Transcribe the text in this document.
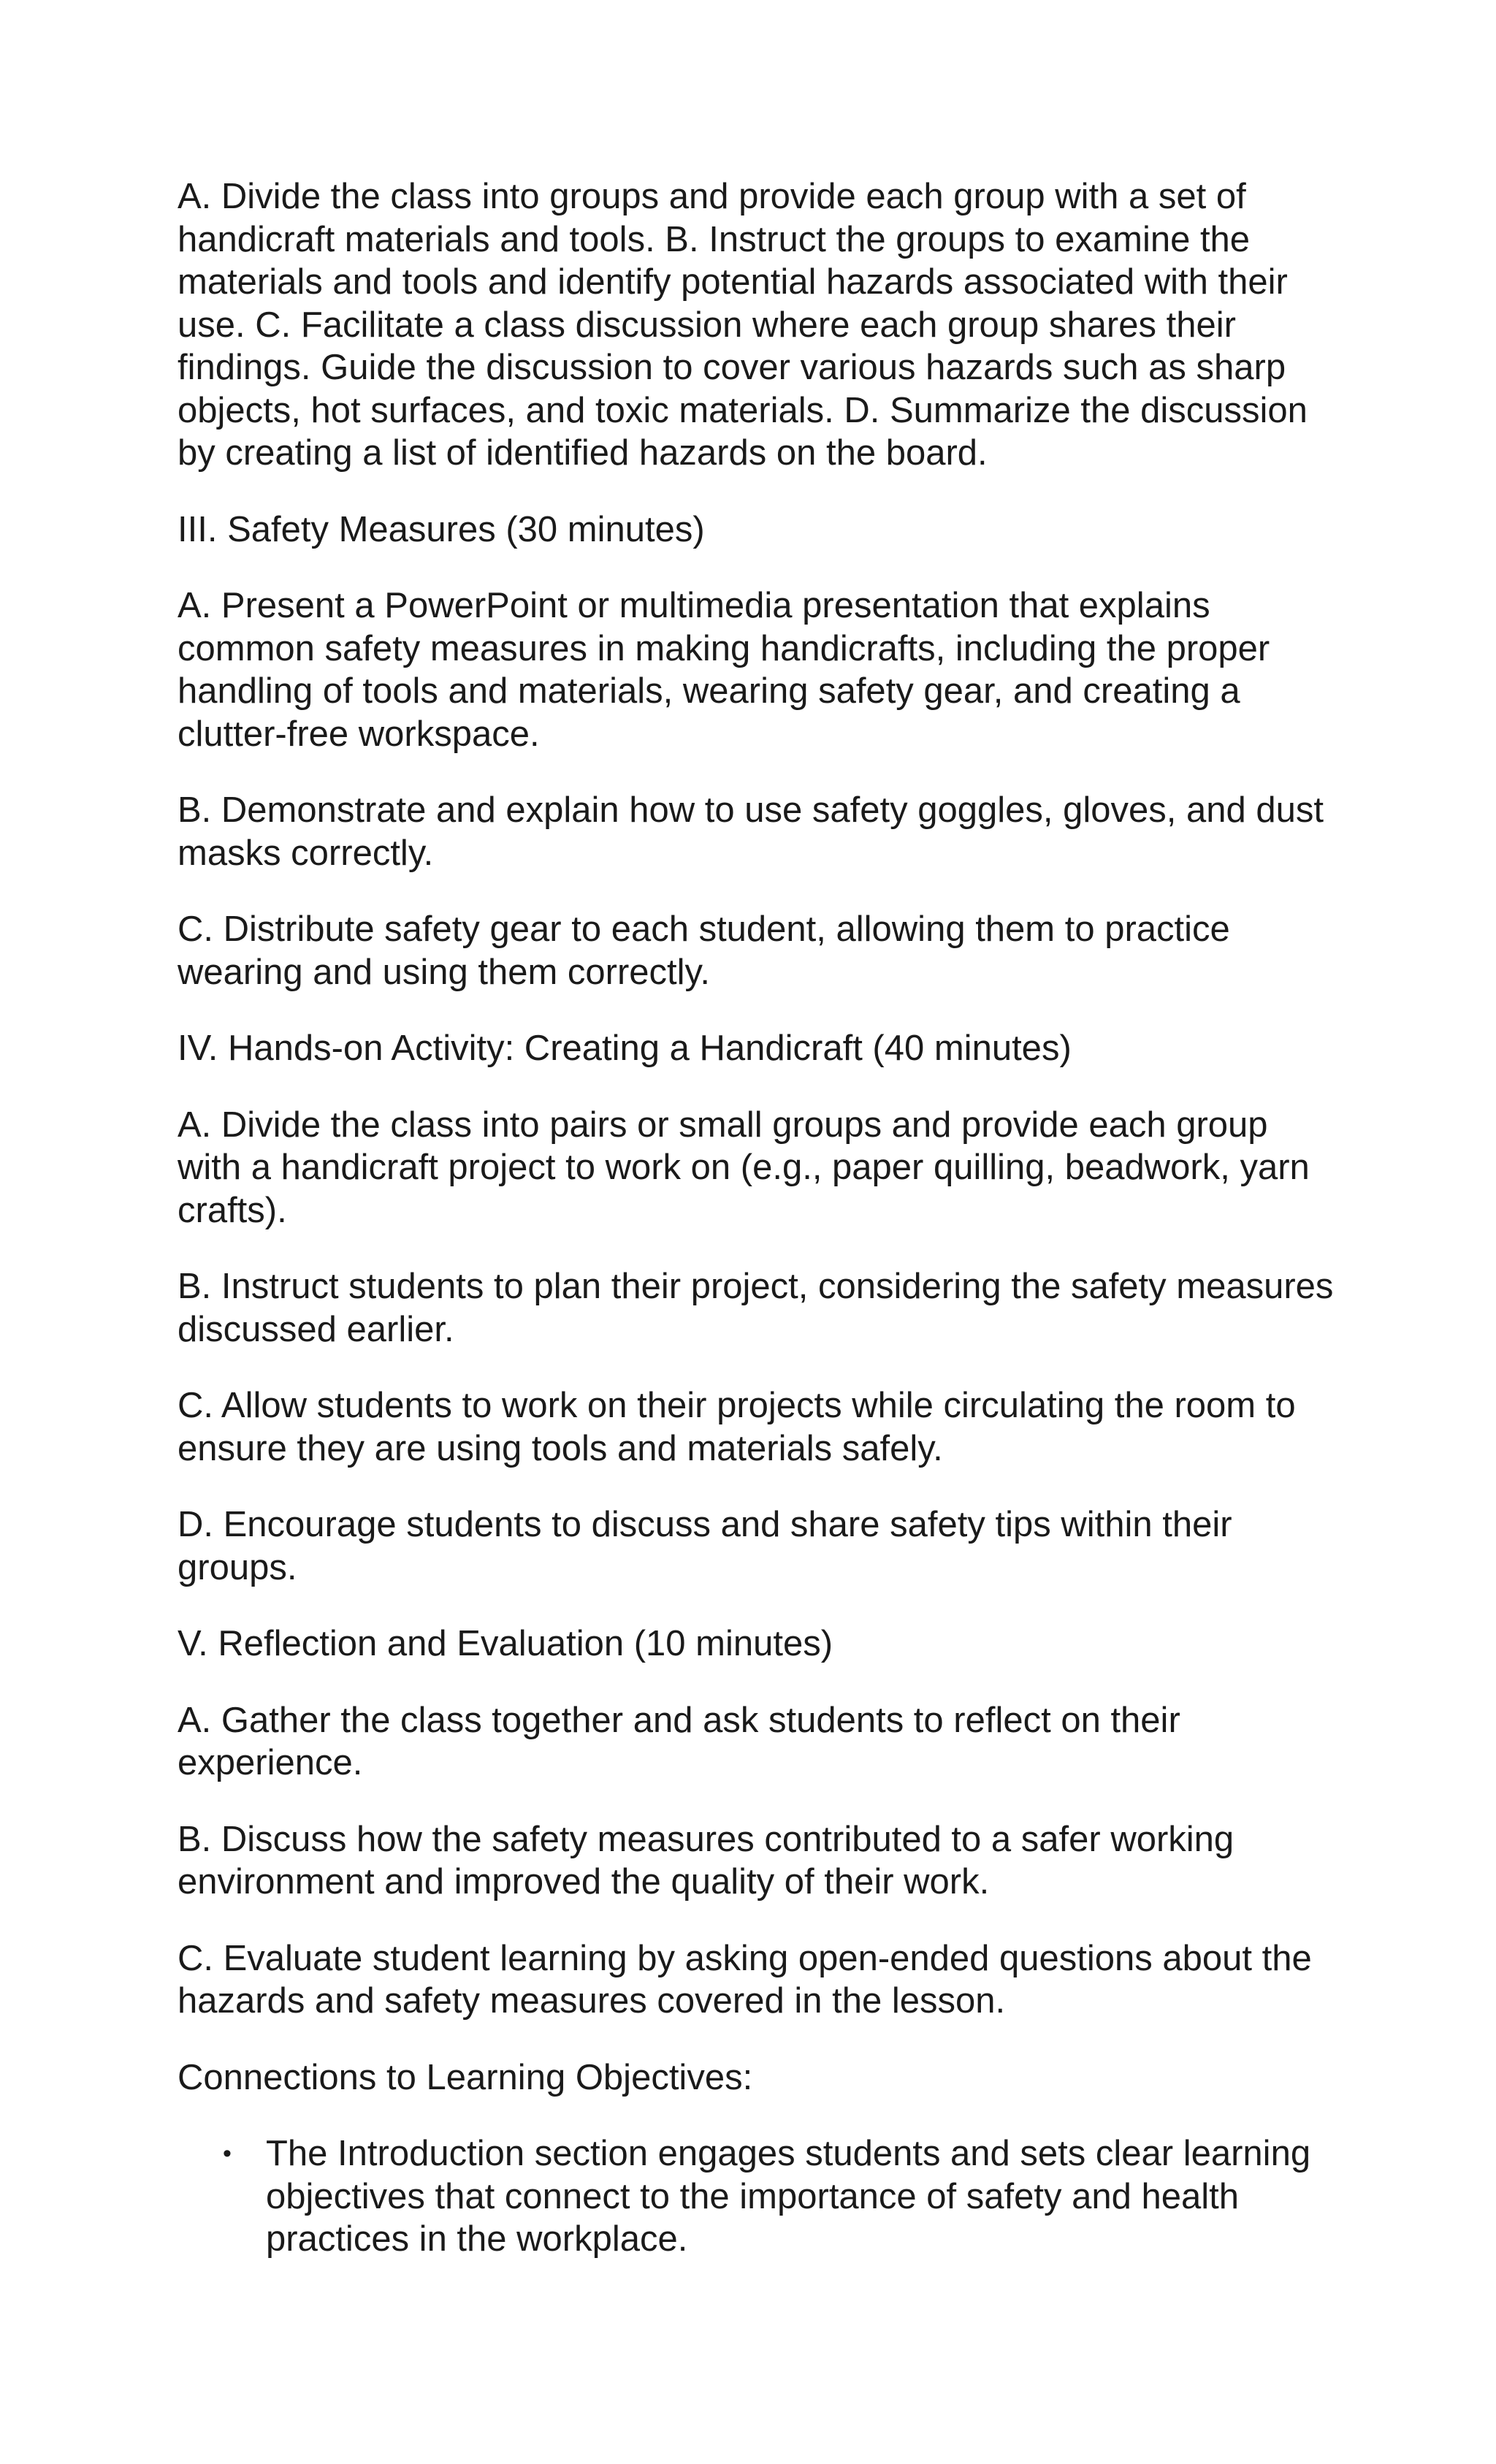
A. Divide the class into groups and provide each group with a set of handicraft materials and tools. B. Instruct the groups to examine the materials and tools and identify potential hazards associated with their use. C. Facilitate a class discussion where each group shares their findings. Guide the discussion to cover various hazards such as sharp objects, hot surfaces, and toxic materials. D. Summarize the discussion by creating a list of identified hazards on the board.

III. Safety Measures (30 minutes)

A. Present a PowerPoint or multimedia presentation that explains common safety measures in making handicrafts, including the proper handling of tools and materials, wearing safety gear, and creating a clutter-free workspace.

B. Demonstrate and explain how to use safety goggles, gloves, and dust masks correctly.

C. Distribute safety gear to each student, allowing them to practice wearing and using them correctly.

IV. Hands-on Activity: Creating a Handicraft (40 minutes)

A. Divide the class into pairs or small groups and provide each group with a handicraft project to work on (e.g., paper quilling, beadwork, yarn crafts).

B. Instruct students to plan their project, considering the safety measures discussed earlier.

C. Allow students to work on their projects while circulating the room to ensure they are using tools and materials safely.

D. Encourage students to discuss and share safety tips within their groups.

V. Reflection and Evaluation (10 minutes)

A. Gather the class together and ask students to reflect on their experience.

B. Discuss how the safety measures contributed to a safer working environment and improved the quality of their work.

C. Evaluate student learning by asking open-ended questions about the hazards and safety measures covered in the lesson.

Connections to Learning Objectives:

• The Introduction section engages students and sets clear learning objectives that connect to the importance of safety and health practices in the workplace.
